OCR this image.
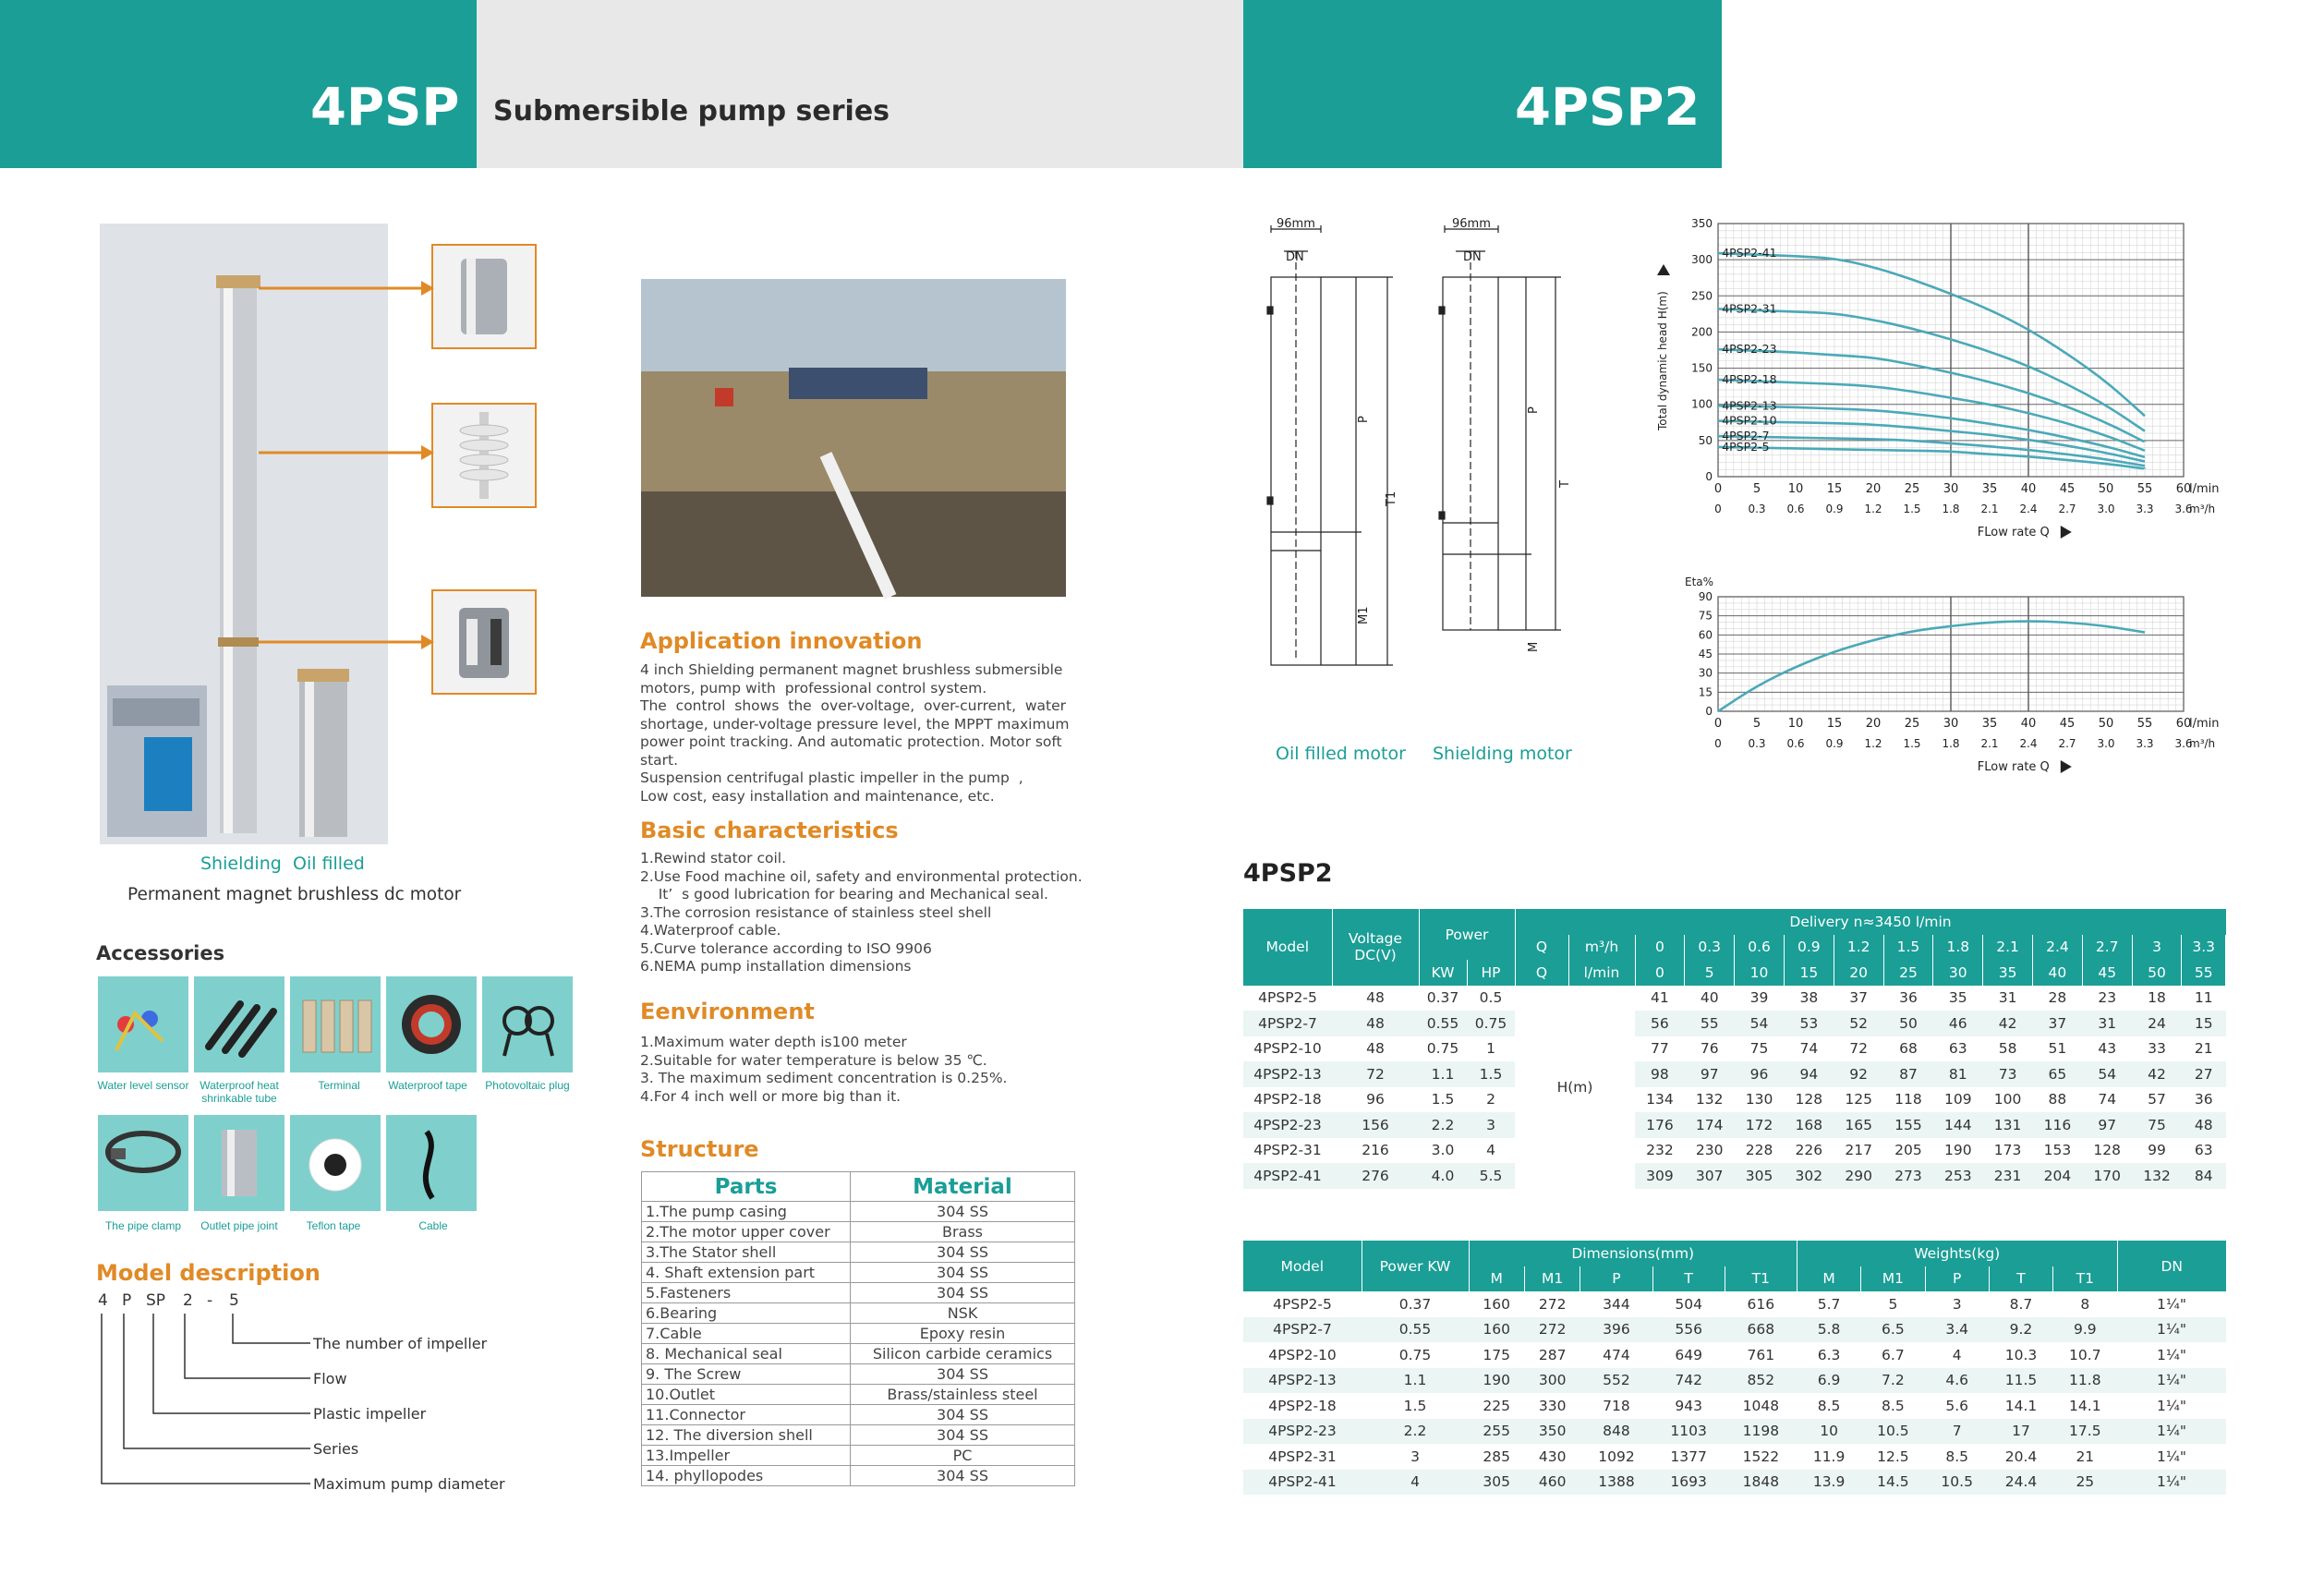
4PSP Submersible pump series	4PSP2
Shielding Oil filled
Permanent magnet brushless dc motor
Accessories
Water level sensor Waterproof heat shrinkable tube
Terminal	Waterproof tape	Photovoltaic plug
The pipe clamp	Outlet pipe joint	Teflon tape	Cable
Model description
4 P SP 2 - 5
The number of impeller
Flow
Plastic impeller
Series
Maximum pump diameter
Application innovation
4 inch Shielding permanent magnet brushless submersible
motors, pump with  professional control system.
The  control  shows  the  over-voltage,  over-current,  water
shortage, under-voltage pressure level, the MPPT maximum
power point tracking. And automatic protection. Motor soft
start.
Suspension centrifugal plastic impeller in the pump  ,
Low cost, easy installation and maintenance, etc.
Basic characteristics
1.Rewind stator coil.
2.Use Food machine oil, safety and environmental protection.
It’  s good lubrication for bearing and Mechanical seal.
3.The corrosion resistance of stainless steel shell
4.Waterproof cable.
5.Curve tolerance according to ISO 9906
6.NEMA pump installation dimensions
Eenvironment
1.Maximum water depth is100 meter
2.Suitable for water temperature is below 35 ℃.
3. The maximum sediment concentration is 0.25%.
4.For 4 inch well or more big than it.
Structure
Parts	Material
1.The pump casing	304 SS
2.The motor upper cover	Brass
3.The Stator shell	304 SS
4. Shaft extension part	304 SS
5.Fasteners	304 SS
6.Bearing	NSK
7.Cable	Epoxy resin
8. Mechanical seal	Silicon carbide ceramics
9. The Screw	304 SS
10.Outlet	Brass/stainless steel
11.Connector	304 SS
12. The diversion shell	304 SS
13.Impeller	PC
14. phyllopodes	304 SS
96mm
DN
P
T1
M1
96mm
DN
P
T
M
Oil filled motor Shielding motor
0
50
100
150
200
250
300
350
0	5 10 15 20 25 30 35 40 45 50 55 60
0 0.3 0.6 0.9 1.2 1.5 1.8 2.1 2.4 2.7 3.0 3.3 3.6
l/min
m³/h
FLow rate Q
Total dynamic head H(m)
4PSP2-41
4PSP2-31
4PSP2-23
4PSP2-18
4PSP2-13
4PSP2-10
4PSP2-7
4PSP2-5
0
15
30
45
60
75
90
0	5 10 15 20 25 30 35 40 45 50 55 60
0 0.3 0.6 0.9 1.2 1.5 1.8 2.1 2.4 2.7 3.0 3.3 3.6
l/min
m³/h
FLow rate Q
Eta%
4PSP2
Model	Voltage DC(V)	Power		Delivery n≈3450 l/min													
				Q	m³/h	0	0.3	0.6	0.9	1.2	1.5	1.8	2.1	2.4	2.7	3	3.3
		KW	HP	Q	l/min	0	5	10	15	20	25	30	35	40	45	50	55
4PSP2-5	48	0.37	0.5	H(m)		41	40	39	38	37	36	35	31	28	23	18	11
4PSP2-7	48	0.55	0.75			56	55	54	53	52	50	46	42	37	31	24	15
4PSP2-10	48	0.75	1			77	76	75	74	72	68	63	58	51	43	33	21
4PSP2-13	72	1.1	1.5			98	97	96	94	92	87	81	73	65	54	42	27
4PSP2-18	96	1.5	2			134	132	130	128	125	118	109	100	88	74	57	36
4PSP2-23	156	2.2	3			176	174	172	168	165	155	144	131	116	97	75	48
4PSP2-31	216	3.0	4			232	230	228	226	217	205	190	173	153	128	99	63
4PSP2-41	276	4.0	5.5			309	307	305	302	290	273	253	231	204	170	132	84
Model	Power KW	Dimensions(mm)					Weights(kg)					DN
		M	M1	P	T	T1	M	M1	P	T	T1	
4PSP2-5	0.37	160	272	344	504	616	5.7	5	3	8.7	8	1¼"
4PSP2-7	0.55	160	272	396	556	668	5.8	6.5	3.4	9.2	9.9	1¼"
4PSP2-10	0.75	175	287	474	649	761	6.3	6.7	4	10.3	10.7	1¼"
4PSP2-13	1.1	190	300	552	742	852	6.9	7.2	4.6	11.5	11.8	1¼"
4PSP2-18	1.5	225	330	718	943	1048	8.5	8.5	5.6	14.1	14.1	1¼"
4PSP2-23	2.2	255	350	848	1103	1198	10	10.5	7	17	17.5	1¼"
4PSP2-31	3	285	430	1092	1377	1522	11.9	12.5	8.5	20.4	21	1¼"
4PSP2-41	4	305	460	1388	1693	1848	13.9	14.5	10.5	24.4	25	1¼"
